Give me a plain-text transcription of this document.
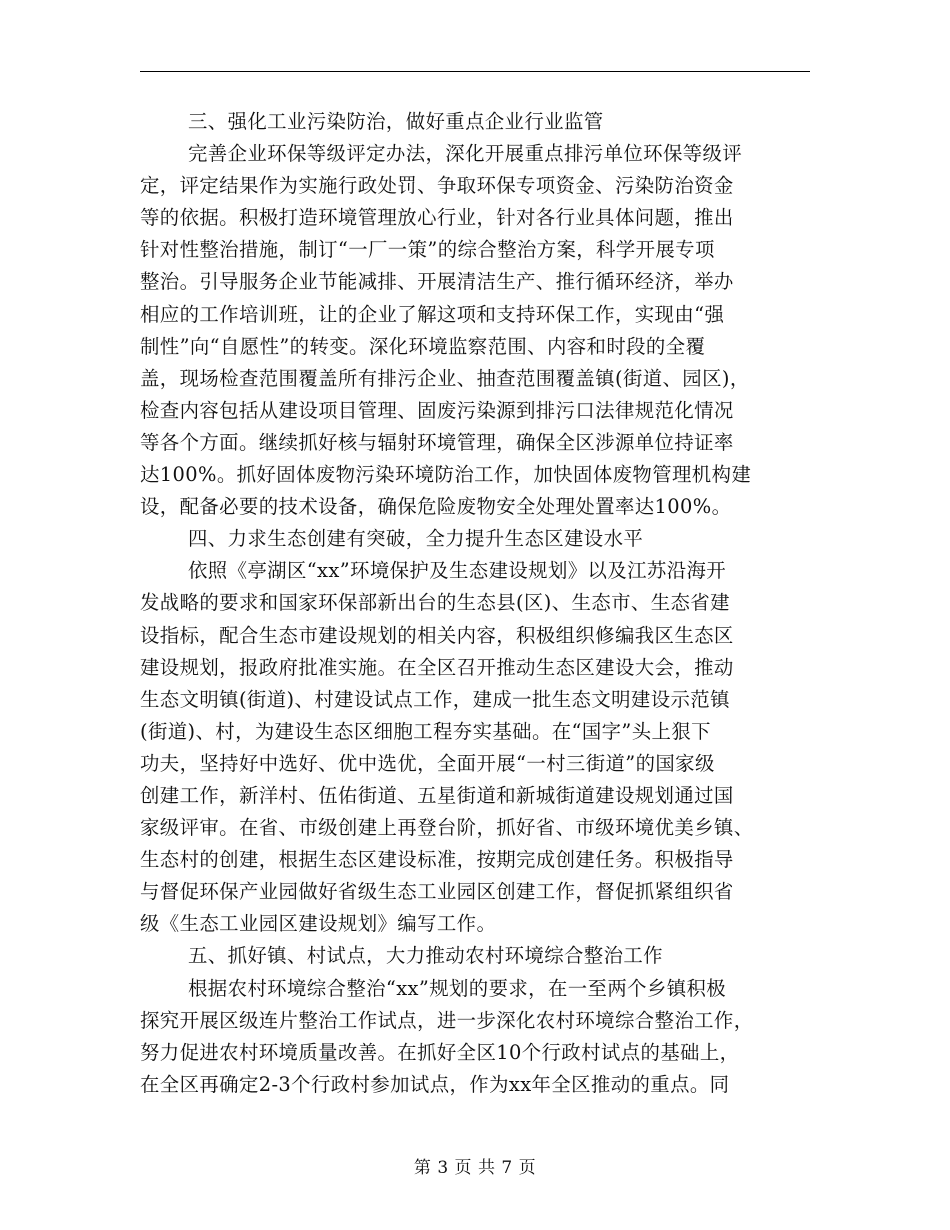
三、强化工业污染防治，做好重点企业行业监管
完善企业环保等级评定办法，深化开展重点排污单位环保等级评
定，评定结果作为实施行政处罚、争取环保专项资金、污染防治资金
等的依据。积极打造环境管理放心行业，针对各行业具体问题，推出
针对性整治措施，制订“一厂一策”的综合整治方案，科学开展专项
整治。引导服务企业节能减排、开展清洁生产、推行循环经济，举办
相应的工作培训班，让的企业了解这项和支持环保工作，实现由“强
制性”向“自愿性”的转变。深化环境监察范围、内容和时段的全覆
盖，现场检查范围覆盖所有排污企业、抽查范围覆盖镇(街道、园区)，
检查内容包括从建设项目管理、固废污染源到排污口法律规范化情况
等各个方面。继续抓好核与辐射环境管理，确保全区涉源单位持证率
达100%。抓好固体废物污染环境防治工作，加快固体废物管理机构建
设，配备必要的技术设备，确保危险废物安全处理处置率达100%。
四、力求生态创建有突破，全力提升生态区建设水平
依照《亭湖区“xx”环境保护及生态建设规划》以及江苏沿海开
发战略的要求和国家环保部新出台的生态县(区)、生态市、生态省建
设指标，配合生态市建设规划的相关内容，积极组织修编我区生态区
建设规划，报政府批准实施。在全区召开推动生态区建设大会，推动
生态文明镇(街道)、村建设试点工作，建成一批生态文明建设示范镇
(街道)、村，为建设生态区细胞工程夯实基础。在“国字”头上狠下
功夫，坚持好中选好、优中选优，全面开展“一村三街道”的国家级
创建工作，新洋村、伍佑街道、五星街道和新城街道建设规划通过国
家级评审。在省、市级创建上再登台阶，抓好省、市级环境优美乡镇、
生态村的创建，根据生态区建设标准，按期完成创建任务。积极指导
与督促环保产业园做好省级生态工业园区创建工作，督促抓紧组织省
级《生态工业园区建设规划》编写工作。
五、抓好镇、村试点，大力推动农村环境综合整治工作
根据农村环境综合整治“xx”规划的要求，在一至两个乡镇积极
探究开展区级连片整治工作试点，进一步深化农村环境综合整治工作，
努力促进农村环境质量改善。在抓好全区10个行政村试点的基础上，
在全区再确定2-3个行政村参加试点，作为xx年全区推动的重点。同
第 3 页 共 7 页
